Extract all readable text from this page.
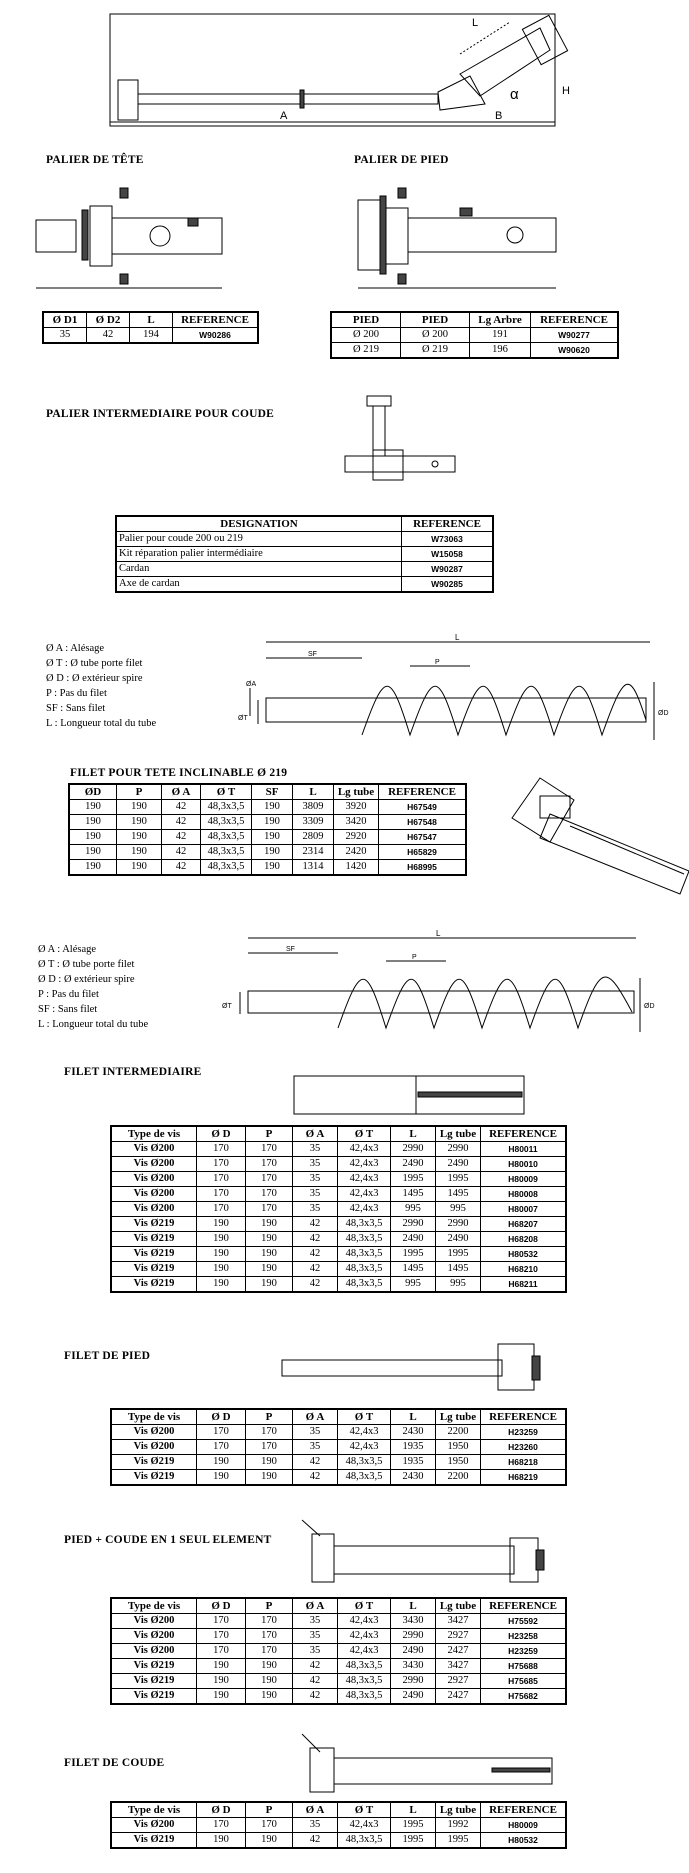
A	B
L
H
α
PALIER DE TÊTE
Ø D1	Ø D2	L	REFERENCE
35	42	194	W90286
PALIER DE PIED
PIED	PIED	Lg Arbre	REFERENCE
Ø 200	Ø 200	191	W90277
Ø 219	Ø 219	196	W90620
PALIER INTERMEDIAIRE POUR COUDE
DESIGNATION	REFERENCE
Palier pour coude 200 ou 219	W73063
Kit réparation palier intermédiaire	W15058
Cardan	W90287
Axe de cardan	W90285
Ø A : Alésage
Ø T : Ø tube porte filet
Ø D : Ø extérieur spire
P : Pas du filet
SF : Sans filet
L : Longueur total du tube
L
SF
P
ØA
ØT
ØD
FILET POUR TETE INCLINABLE Ø 219
ØD	P	Ø A	Ø T	SF	L	Lg tube	REFERENCE
190	190	42	48,3x3,5	190	3809	3920	H67549
190	190	42	48,3x3,5	190	3309	3420	H67548
190	190	42	48,3x3,5	190	2809	2920	H67547
190	190	42	48,3x3,5	190	2314	2420	H65829
190	190	42	48,3x3,5	190	1314	1420	H68995
Ø A : Alésage
Ø T : Ø tube porte filet
Ø D : Ø extérieur spire
P : Pas du filet
SF : Sans filet
L : Longueur total du tube
L
SF
P
ØT	ØD
FILET INTERMEDIAIRE
Type de vis	Ø D	P	Ø A	Ø T	L	Lg tube	REFERENCE
Vis Ø200	170	170	35	42,4x3	2990	2990	H80011
Vis Ø200	170	170	35	42,4x3	2490	2490	H80010
Vis Ø200	170	170	35	42,4x3	1995	1995	H80009
Vis Ø200	170	170	35	42,4x3	1495	1495	H80008
Vis Ø200	170	170	35	42,4x3	995	995	H80007
Vis Ø219	190	190	42	48,3x3,5	2990	2990	H68207
Vis Ø219	190	190	42	48,3x3,5	2490	2490	H68208
Vis Ø219	190	190	42	48,3x3,5	1995	1995	H80532
Vis Ø219	190	190	42	48,3x3,5	1495	1495	H68210
Vis Ø219	190	190	42	48,3x3,5	995	995	H68211
FILET DE PIED
Type de vis	Ø D	P	Ø A	Ø T	L	Lg tube	REFERENCE
Vis Ø200	170	170	35	42,4x3	2430	2200	H23259
Vis Ø200	170	170	35	42,4x3	1935	1950	H23260
Vis Ø219	190	190	42	48,3x3,5	1935	1950	H68218
Vis Ø219	190	190	42	48,3x3,5	2430	2200	H68219
PIED + COUDE EN 1 SEUL ELEMENT
Type de vis	Ø D	P	Ø A	Ø T	L	Lg tube	REFERENCE
Vis Ø200	170	170	35	42,4x3	3430	3427	H75592
Vis Ø200	170	170	35	42,4x3	2990	2927	H23258
Vis Ø200	170	170	35	42,4x3	2490	2427	H23259
Vis Ø219	190	190	42	48,3x3,5	3430	3427	H75688
Vis Ø219	190	190	42	48,3x3,5	2990	2927	H75685
Vis Ø219	190	190	42	48,3x3,5	2490	2427	H75682
FILET DE COUDE
Type de vis	Ø D	P	Ø A	Ø T	L	Lg tube	REFERENCE
Vis Ø200	170	170	35	42,4x3	1995	1992	H80009
Vis Ø219	190	190	42	48,3x3,5	1995	1995	H80532
